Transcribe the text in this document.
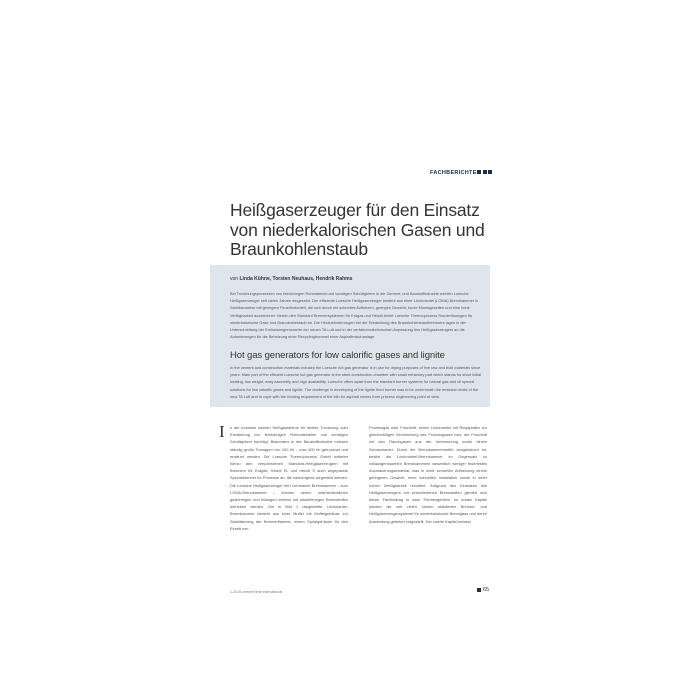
FACHBERICHTE
Heißgaserzeuger für den Einsatz von niederkalorischen Gasen und Braunkohlenstaub
von Linda Kühne, Torsten Neuhaus, Hendrik Rahms

Bei Trocknungsprozessen von feinkörnigen Rohmaterial und sonstigen Schüttgütern in der Zement- und Baustoffindustrie werden Loesche Heißgaserzeuger seit vielen Jahren eingesetzt. Der effiziente Loesche Heißgaserzeuger besteht aus einer Löchmantel (LOMA) Brennkammer in Stahlbauweise mit geringem Feuerfestanteil, die sich durch ein schnelles Aufheizen, geringes Gewicht, kurze Montagezeiten und eine hohe Verfügbarkeit auszeichnet. Neben den Standard Brennersystemen für Erdgas und Heizöl bietet Loesche Thermoprozess Sonderlösungen für niederkalorische Gase und Braunkohlestaub an. Die Herausforderungen bei der Entwicklung des Braunkohlenstaubbrenners lagen in der Unterschreitung der Emissionsgrenzwerte der neuen TA Luft und in der verfahrenstechnischen Anpassung des Heißgaserzeugers an die Anforderungen für die Beheizung einer Recyclingtrommel einer Asphaltmischanlage.

Hot gas generators for low calorific gases and lignite

In the cement and construction materials industry the Loesche hot gas generator is in use for drying purposes of fine raw and bulk materials since years. Main part of the efficient Loesche hot gas generator is the steel-construction chamber with small refractory part which stands for short initial heating, low weight, easy assembly and high availability. Loesche offers apart from the standard burner systems for natural gas and oil special solutions for low calorific gases and lignite. The challenge in developing of the lignite fired burner was to be underneath the emission limits of the new TA Luft and to cope with the heating requirement of the kiln for asphalt mixers from process engineering point of view.

I	n der Industrie werden Heißgasströme für direkte Trocknung oder Erwärmung von feinkörnigen Rohmaterialien und sonstigen Schüttgütern benötigt. Besonders in der Baustoffindustrie müssen ständig große Tonnagen von 100 t/h – max 400 t/h getrocknet und erwärmt werden. Die Loesche Thermoprozess GmbH beliefert hierzu den verschiedenen Standard-Heißgaserzeugern mit Brennern für Erdgas, Heizöl EL und Heizöl S auch angepasste Spezialbrenner für Prozesse an, die nachfolgend vorgestellt werden. Die Loesche Heißgaserzeuger mit Löchmantel-Brennkammer – kurz LOMA-Brennkammer – können neben unterschiedlichen gasförmigen und flüssigen ebenso mit staubförmigen Brennstoffen betrieben werden. Die in Bild 1 dargestellte Löchmantel-Brennkammer besteht aus einer Muffel mit Muffelgehäuse zur Stabilisierung der Brennerflamme, einem Spiralgehäuse für den Eintritt von

Prozessgas oder Frischluft, einem Löchmantel mit Ringspalten zur gleichmäßigen Vermischung des Prozessgases bzw. der Frischluft mit den Rauchgasen aus der Verbrennung sowie einem Schutzmantel. Durch die Brennkammermuffel ausgestauert ist, besitzt die Löchmantel-Brennkammer im Gegensatz zu vollausgemauerten Brennkammern wesentlich weniger feuerfestes Ausmauerungsmaterial, was in einer schnellen Aufheizung einem geringeren Gewicht, einer schnellen Installation sowie in einer hohen Verfügbarkeit resultiert. Aufgrund des Einsatzes des Heißgaserzeugers mit verschiedenen Brennstoffen gliedert sich dieser Fachbeitrag in zwei Themengebiete. Im ersten Kapitel werden die seit vielen Jahren etablierten Brenner- und Heißgaserzeugersysteme für niederkalorische Brenngase und deren Anwendung gebeten vorgestellt. Der zweite Kapitel befasst

1-2016 cement lime international	65
